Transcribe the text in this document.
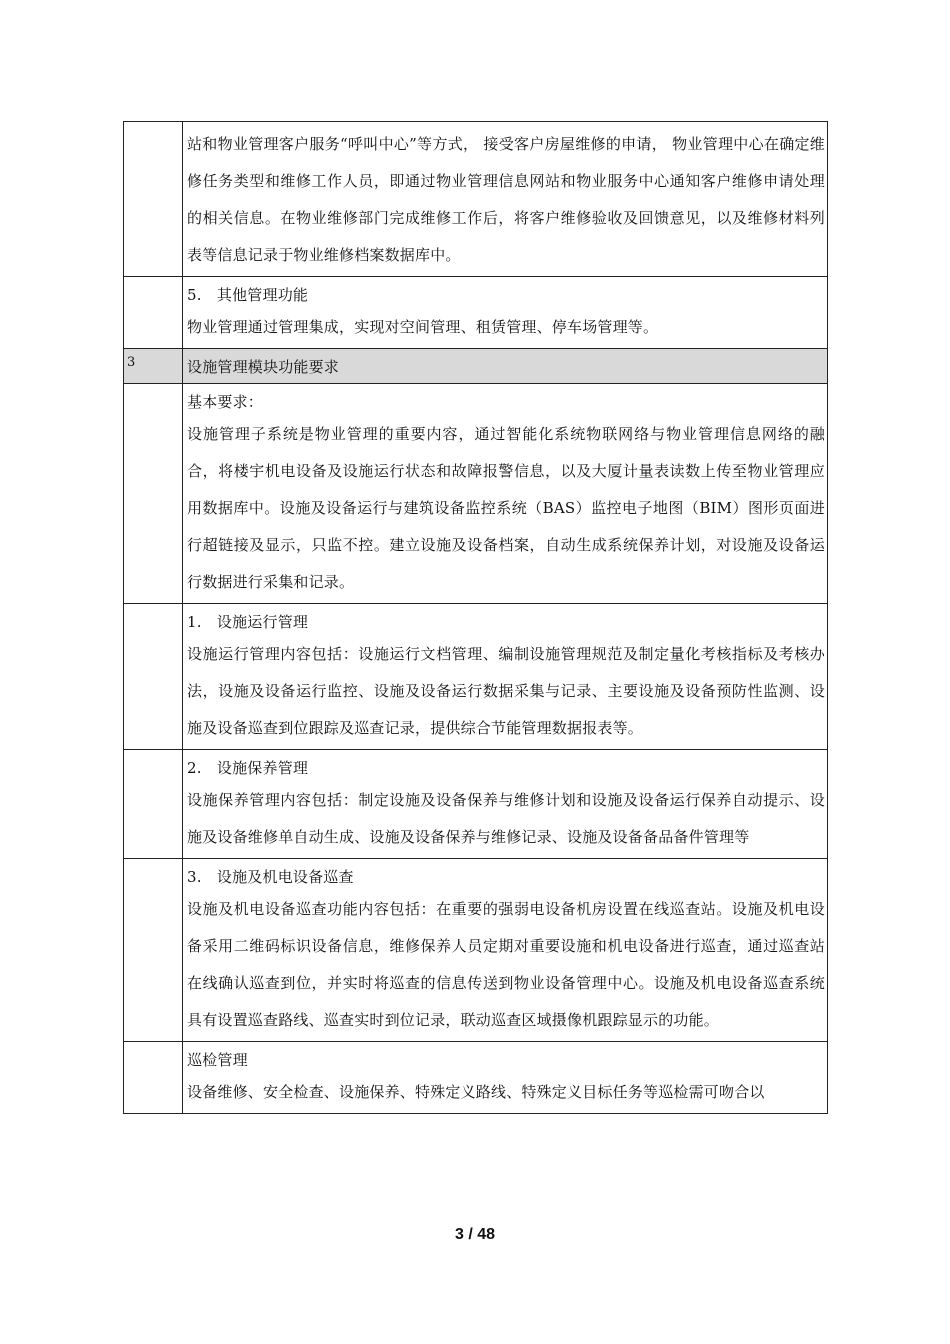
	站和物业管理客户服务“呼叫中心”等方式， 接受客户房屋维修的申请， 物业管理中心在确定维修任务类型和维修工作人员，即通过物业管理信息网站和物业服务中心通知客户维修申请处理的相关信息。在物业维修部门完成维修工作后，将客户维修验收及回馈意见，以及维修材料列表等信息记录于物业维修档案数据库中。

	5.　其他管理功能

物业管理通过管理集成，实现对空间管理、租赁管理、停车场管理等。

3	设施管理模块功能要求

	基本要求：

设施管理子系统是物业管理的重要内容，通过智能化系统物联网络与物业管理信息网络的融合，将楼宇机电设备及设施运行状态和故障报警信息，以及大厦计量表读数上传至物业管理应用数据库中。设施及设备运行与建筑设备监控系统（BAS）监控电子地图（BIM）图形页面进行超链接及显示，只监不控。建立设施及设备档案，自动生成系统保养计划，对设施及设备运行数据进行采集和记录。

	1.　设施运行管理

设施运行管理内容包括：设施运行文档管理、编制设施管理规范及制定量化考核指标及考核办法，设施及设备运行监控、设施及设备运行数据采集与记录、主要设施及设备预防性监测、设施及设备巡查到位跟踪及巡查记录，提供综合节能管理数据报表等。

	2.　设施保养管理

设施保养管理内容包括：制定设施及设备保养与维修计划和设施及设备运行保养自动提示、设施及设备维修单自动生成、设施及设备保养与维修记录、设施及设备备品备件管理等

	3.　设施及机电设备巡查

设施及机电设备巡查功能内容包括：在重要的强弱电设备机房设置在线巡查站。设施及机电设备采用二维码标识设备信息，维修保养人员定期对重要设施和机电设备进行巡查，通过巡查站在线确认巡查到位，并实时将巡查的信息传送到物业设备管理中心。设施及机电设备巡查系统具有设置巡查路线、巡查实时到位记录，联动巡查区域摄像机跟踪显示的功能。

	巡检管理

设备维修、安全检查、设施保养、特殊定义路线、特殊定义目标任务等巡检需可吻合以

3 / 48
